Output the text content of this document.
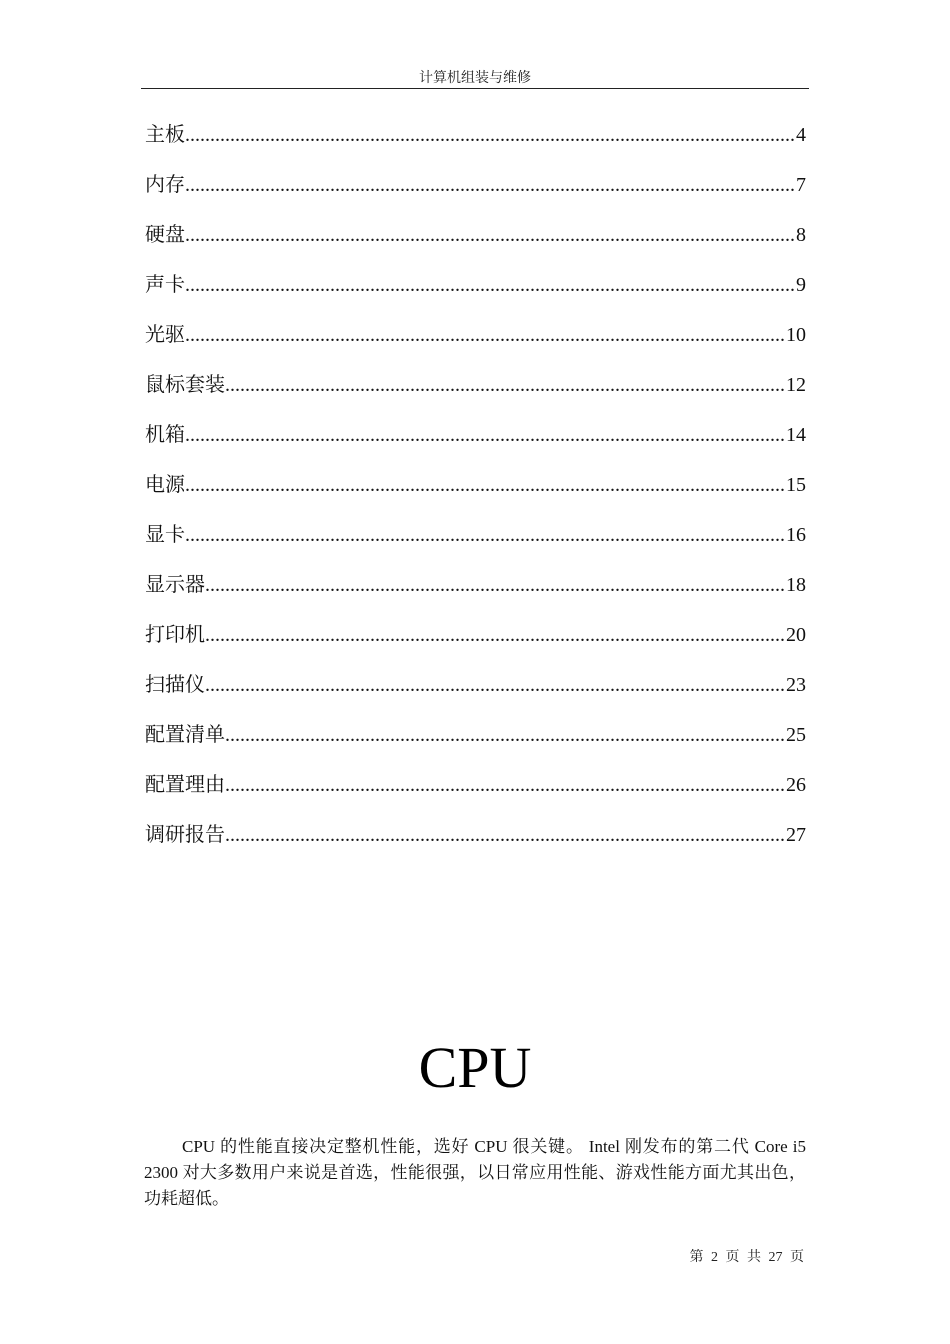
计算机组装与维修
主板 .....	4
内存 .....	7
硬盘 .....	8
声卡 .....	9
光驱 .....	10
鼠标套装 .....	12
机箱 .....	14
电源 .....	15
显卡 .....	16
显示器 .....	18
打印机 .....	20
扫描仪 .....	23
配置清单 .....	25
配置理由 .....	26
调研报告 .....	27
CPU

CPU 的性能直接决定整机性能，选好 CPU 很关键。 Intel 刚发布的第二代 Core i5 2300 对大多数用户来说是首选，性能很强，以日常应用性能、游戏性能方面尤其出色，功耗超低。

第 2 页 共 27 页
